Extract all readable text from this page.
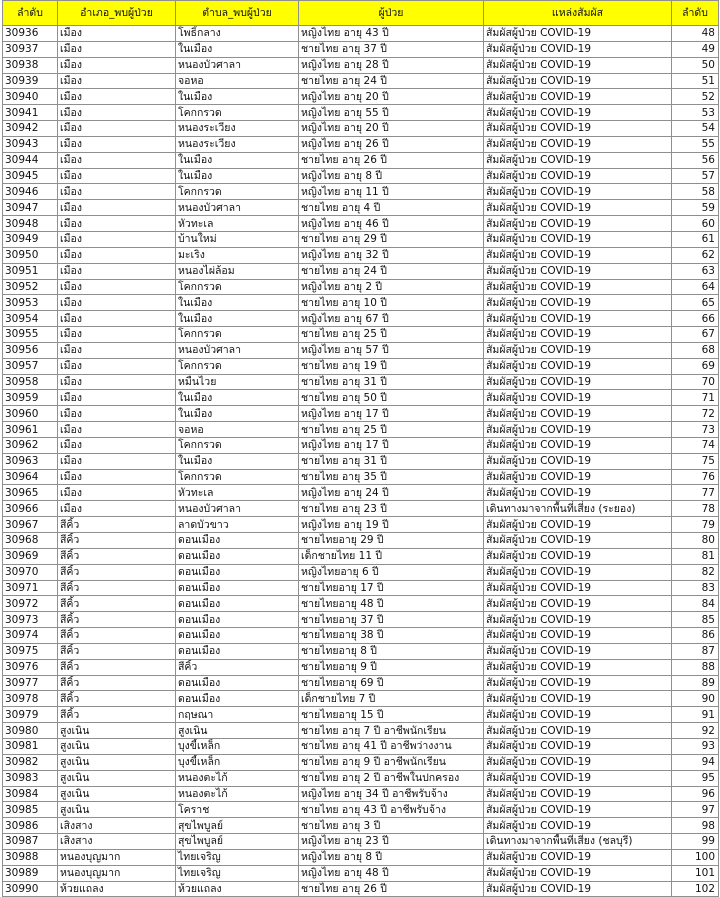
ลำดับ	อำเภอ_พบผู้ป่วย	ตำบล_พบผู้ป่วย	ผู้ป่วย	แหล่งสัมผัส	ลำดับ
30936	เมือง	โพธิ์กลาง	หญิงไทย อายุ 43 ปี	สัมผัสผู้ป่วย COVID-19	48
30937	เมือง	ในเมือง	ชายไทย อายุ 37 ปี	สัมผัสผู้ป่วย COVID-19	49
30938	เมือง	หนองบัวศาลา	หญิงไทย อายุ 28 ปี	สัมผัสผู้ป่วย COVID-19	50
30939	เมือง	จอหอ	ชายไทย อายุ 24 ปี	สัมผัสผู้ป่วย COVID-19	51
30940	เมือง	ในเมือง	หญิงไทย อายุ 20 ปี	สัมผัสผู้ป่วย COVID-19	52
30941	เมือง	โคกกรวด	หญิงไทย อายุ 55 ปี	สัมผัสผู้ป่วย COVID-19	53
30942	เมือง	หนองระเวียง	หญิงไทย อายุ 20 ปี	สัมผัสผู้ป่วย COVID-19	54
30943	เมือง	หนองระเวียง	หญิงไทย อายุ 26 ปี	สัมผัสผู้ป่วย COVID-19	55
30944	เมือง	ในเมือง	ชายไทย อายุ 26 ปี	สัมผัสผู้ป่วย COVID-19	56
30945	เมือง	ในเมือง	หญิงไทย อายุ 8 ปี	สัมผัสผู้ป่วย COVID-19	57
30946	เมือง	โคกกรวด	หญิงไทย อายุ 11 ปี	สัมผัสผู้ป่วย COVID-19	58
30947	เมือง	หนองบัวศาลา	ชายไทย อายุ 4 ปี	สัมผัสผู้ป่วย COVID-19	59
30948	เมือง	หัวทะเล	หญิงไทย อายุ 46 ปี	สัมผัสผู้ป่วย COVID-19	60
30949	เมือง	บ้านใหม่	ชายไทย อายุ 29 ปี	สัมผัสผู้ป่วย COVID-19	61
30950	เมือง	มะเริง	หญิงไทย อายุ 32 ปี	สัมผัสผู้ป่วย COVID-19	62
30951	เมือง	หนองไผ่ล้อม	ชายไทย อายุ 24 ปี	สัมผัสผู้ป่วย COVID-19	63
30952	เมือง	โคกกรวด	หญิงไทย อายุ 2 ปี	สัมผัสผู้ป่วย COVID-19	64
30953	เมือง	ในเมือง	ชายไทย อายุ 10 ปี	สัมผัสผู้ป่วย COVID-19	65
30954	เมือง	ในเมือง	หญิงไทย อายุ 67 ปี	สัมผัสผู้ป่วย COVID-19	66
30955	เมือง	โคกกรวด	ชายไทย อายุ 25 ปี	สัมผัสผู้ป่วย COVID-19	67
30956	เมือง	หนองบัวศาลา	หญิงไทย อายุ 57 ปี	สัมผัสผู้ป่วย COVID-19	68
30957	เมือง	โคกกรวด	ชายไทย อายุ 19 ปี	สัมผัสผู้ป่วย COVID-19	69
30958	เมือง	หมื่นไวย	ชายไทย อายุ 31 ปี	สัมผัสผู้ป่วย COVID-19	70
30959	เมือง	ในเมือง	ชายไทย อายุ 50 ปี	สัมผัสผู้ป่วย COVID-19	71
30960	เมือง	ในเมือง	หญิงไทย อายุ 17 ปี	สัมผัสผู้ป่วย COVID-19	72
30961	เมือง	จอหอ	ชายไทย อายุ 25 ปี	สัมผัสผู้ป่วย COVID-19	73
30962	เมือง	โคกกรวด	หญิงไทย อายุ 17 ปี	สัมผัสผู้ป่วย COVID-19	74
30963	เมือง	ในเมือง	ชายไทย อายุ 31 ปี	สัมผัสผู้ป่วย COVID-19	75
30964	เมือง	โคกกรวด	ชายไทย อายุ 35 ปี	สัมผัสผู้ป่วย COVID-19	76
30965	เมือง	หัวทะเล	หญิงไทย อายุ 24 ปี	สัมผัสผู้ป่วย COVID-19	77
30966	เมือง	หนองบัวศาลา	ชายไทย อายุ 23 ปี	เดินทางมาจากพื้นที่เสี่ยง (ระยอง)	78
30967	สีคิ้ว	ลาดบัวขาว	หญิงไทย อายุ 19 ปี	สัมผัสผู้ป่วย COVID-19	79
30968	สีคิ้ว	ดอนเมือง	ชายไทยอายุ 29 ปี	สัมผัสผู้ป่วย COVID-19	80
30969	สีคิ้ว	ดอนเมือง	เด็กชายไทย 11 ปี	สัมผัสผู้ป่วย COVID-19	81
30970	สีคิ้ว	ดอนเมือง	หญิงไทยอายุ 6 ปี	สัมผัสผู้ป่วย COVID-19	82
30971	สีคิ้ว	ดอนเมือง	ชายไทยอายุ 17 ปี	สัมผัสผู้ป่วย COVID-19	83
30972	สีคิ้ว	ดอนเมือง	ชายไทยอายุ 48 ปี	สัมผัสผู้ป่วย COVID-19	84
30973	สีคิ้ว	ดอนเมือง	ชายไทยอายุ 37 ปี	สัมผัสผู้ป่วย COVID-19	85
30974	สีคิ้ว	ดอนเมือง	ชายไทยอายุ 38 ปี	สัมผัสผู้ป่วย COVID-19	86
30975	สีคิ้ว	ดอนเมือง	ชายไทยอายุ 8 ปี	สัมผัสผู้ป่วย COVID-19	87
30976	สีคิ้ว	สีคิ้ว	ชายไทยอายุ 9 ปี	สัมผัสผู้ป่วย COVID-19	88
30977	สีคิ้ว	ดอนเมือง	ชายไทยอายุ 69 ปี	สัมผัสผู้ป่วย COVID-19	89
30978	สีคิ้ว	ดอนเมือง	เด็กชายไทย 7 ปี	สัมผัสผู้ป่วย COVID-19	90
30979	สีคิ้ว	กฤษณา	ชายไทยอายุ 15 ปี	สัมผัสผู้ป่วย COVID-19	91
30980	สูงเนิน	สูงเนิน	ชายไทย อายุ 7 ปี อาชีพนักเรียน	สัมผัสผู้ป่วย COVID-19	92
30981	สูงเนิน	บุงขี้เหล็ก	ชายไทย อายุ 41 ปี อาชีพว่างงาน	สัมผัสผู้ป่วย COVID-19	93
30982	สูงเนิน	บุงขี้เหล็ก	ชายไทย อายุ 9 ปี อาชีพนักเรียน	สัมผัสผู้ป่วย COVID-19	94
30983	สูงเนิน	หนองตะไก้	ชายไทย อายุ 2 ปี อาชีพในปกครอง	สัมผัสผู้ป่วย COVID-19	95
30984	สูงเนิน	หนองตะไก้	หญิงไทย อายุ 34 ปี อาชีพรับจ้าง	สัมผัสผู้ป่วย COVID-19	96
30985	สูงเนิน	โคราช	ชายไทย อายุ 43 ปี อาชีพรับจ้าง	สัมผัสผู้ป่วย COVID-19	97
30986	เสิงสาง	สุขไพบูลย์	ชายไทย อายุ 3 ปี	สัมผัสผู้ป่วย COVID-19	98
30987	เสิงสาง	สุขไพบูลย์	หญิงไทย อายุ 23 ปี	เดินทางมาจากพื้นที่เสี่ยง (ชลบุรี)	99
30988	หนองบุญมาก	ไทยเจริญ	หญิงไทย อายุ 8 ปี	สัมผัสผู้ป่วย COVID-19	100
30989	หนองบุญมาก	ไทยเจริญ	หญิงไทย อายุ 48 ปี	สัมผัสผู้ป่วย COVID-19	101
30990	ห้วยแถลง	ห้วยแถลง	ชายไทย อายุ 26 ปี	สัมผัสผู้ป่วย COVID-19	102
